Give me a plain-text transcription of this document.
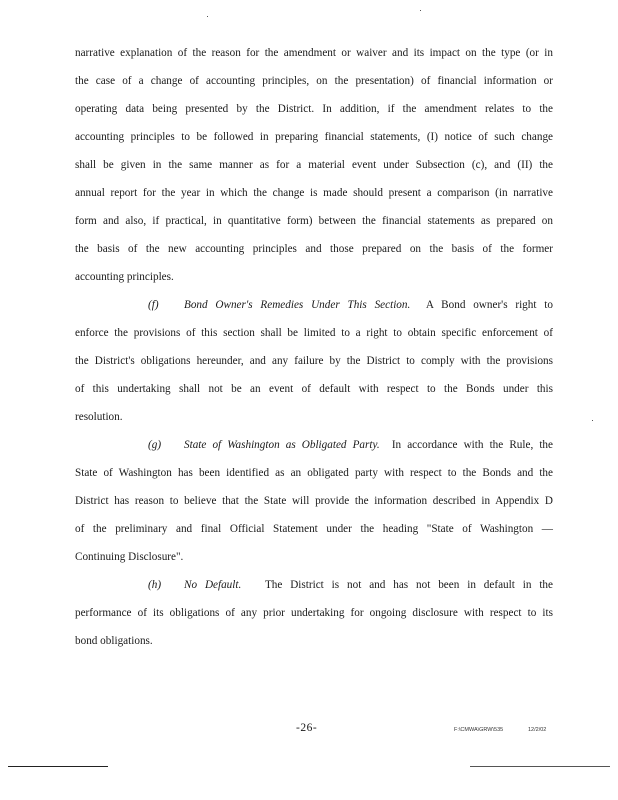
narrative explanation of the reason for the amendment or waiver and its impact on the type (or in
the case of a change of accounting principles, on the presentation) of financial information or
operating data being presented by the District. In addition, if the amendment relates to the
accounting principles to be followed in preparing financial statements, (I) notice of such change
shall be given in the same manner as for a material event under Subsection (c), and (II) the
annual report for the year in which the change is made should present a comparison (in narrative
form and also, if practical, in quantitative form) between the financial statements as prepared on
the basis of the new accounting principles and those prepared on the basis of the former
accounting principles.
(f) Bond Owner's Remedies Under This Section. A Bond owner's right to
enforce the provisions of this section shall be limited to a right to obtain specific enforcement of
the District's obligations hereunder, and any failure by the District to comply with the provisions
of this undertaking shall not be an event of default with respect to the Bonds under this
resolution.
(g) State of Washington as Obligated Party. In accordance with the Rule, the
State of Washington has been identified as an obligated party with respect to the Bonds and the
District has reason to believe that the State will provide the information described in Appendix D
of the preliminary and final Official Statement under the heading "State of Washington —
Continuing Disclosure".
(h) No Default. The District is not and has not been in default in the
performance of its obligations of any prior undertaking for ongoing disclosure with respect to its
bond obligations.
-26-	F:\CMWA\GRW\535	12/2/02
